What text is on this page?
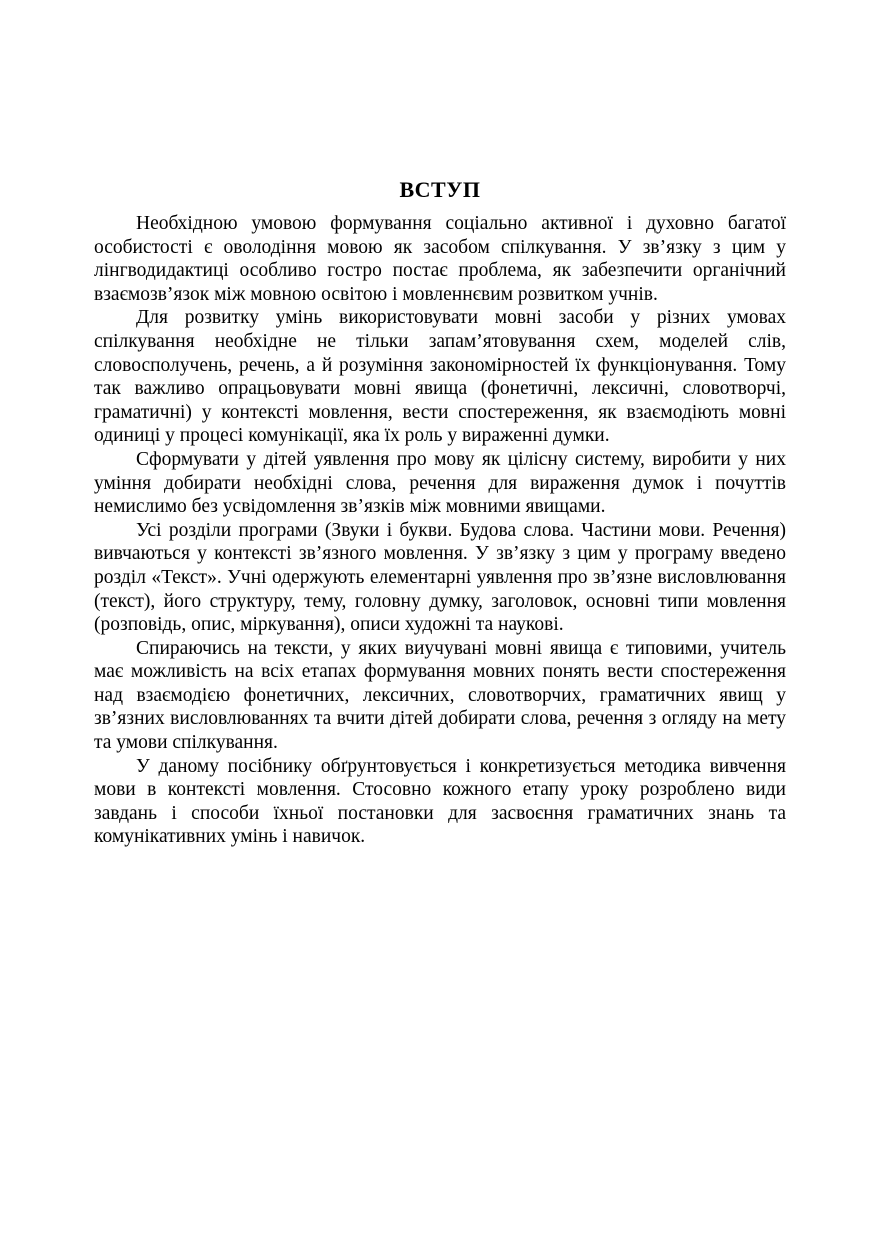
ВСТУП

Необхідною умовою формування соціально активної і духовно багатої особистості є оволодіння мовою як засобом спілкування. У зв’язку з цим у лінгводидактиці особливо гостро постає проблема, як забезпечити органічний взаємозв’язок між мовною освітою і мовленнєвим розвитком учнів.

Для розвитку умінь використовувати мовні засоби у різних умовах спілкування необхідне не тільки запам’ятовування схем, моделей слів, словосполучень, речень, а й розуміння закономірностей їх функціонування. Тому так важливо опрацьовувати мовні явища (фонетичні, лексичні, словотворчі, граматичні) у контексті мовлення, вести спостереження, як взаємодіють мовні одиниці у процесі комунікації, яка їх роль у вираженні думки.

Сформувати у дітей уявлення про мову як цілісну систему, виробити у них уміння добирати необхідні слова, речення для вираження думок і почуттів немислимо без усвідомлення зв’язків між мовними явищами.

Усі розділи програми (Звуки і букви. Будова слова. Частини мови. Речення) вивчаються у контексті зв’язного мовлення. У зв’язку з цим у програму введено розділ «Текст». Учні одержують елементарні уявлення про зв’язне висловлювання (текст), його структуру, тему, головну думку, заголовок, основні типи мовлення (розповідь, опис, міркування), описи художні та наукові.

Спираючись на тексти, у яких виучувані мовні явища є типовими, учитель має можливість на всіх етапах формування мовних понять вести спостереження над взаємодією фонетичних, лексичних, словотворчих, граматичних явищ у зв’язних висловлюваннях та вчити дітей добирати слова, речення з огляду на мету та умови спілкування.

У даному посібнику обґрунтовується і конкретизується методика вивчення мови в контексті мовлення. Стосовно кожного етапу уроку розроблено види завдань і способи їхньої постановки для засвоєння граматичних знань та комунікативних умінь і навичок.
